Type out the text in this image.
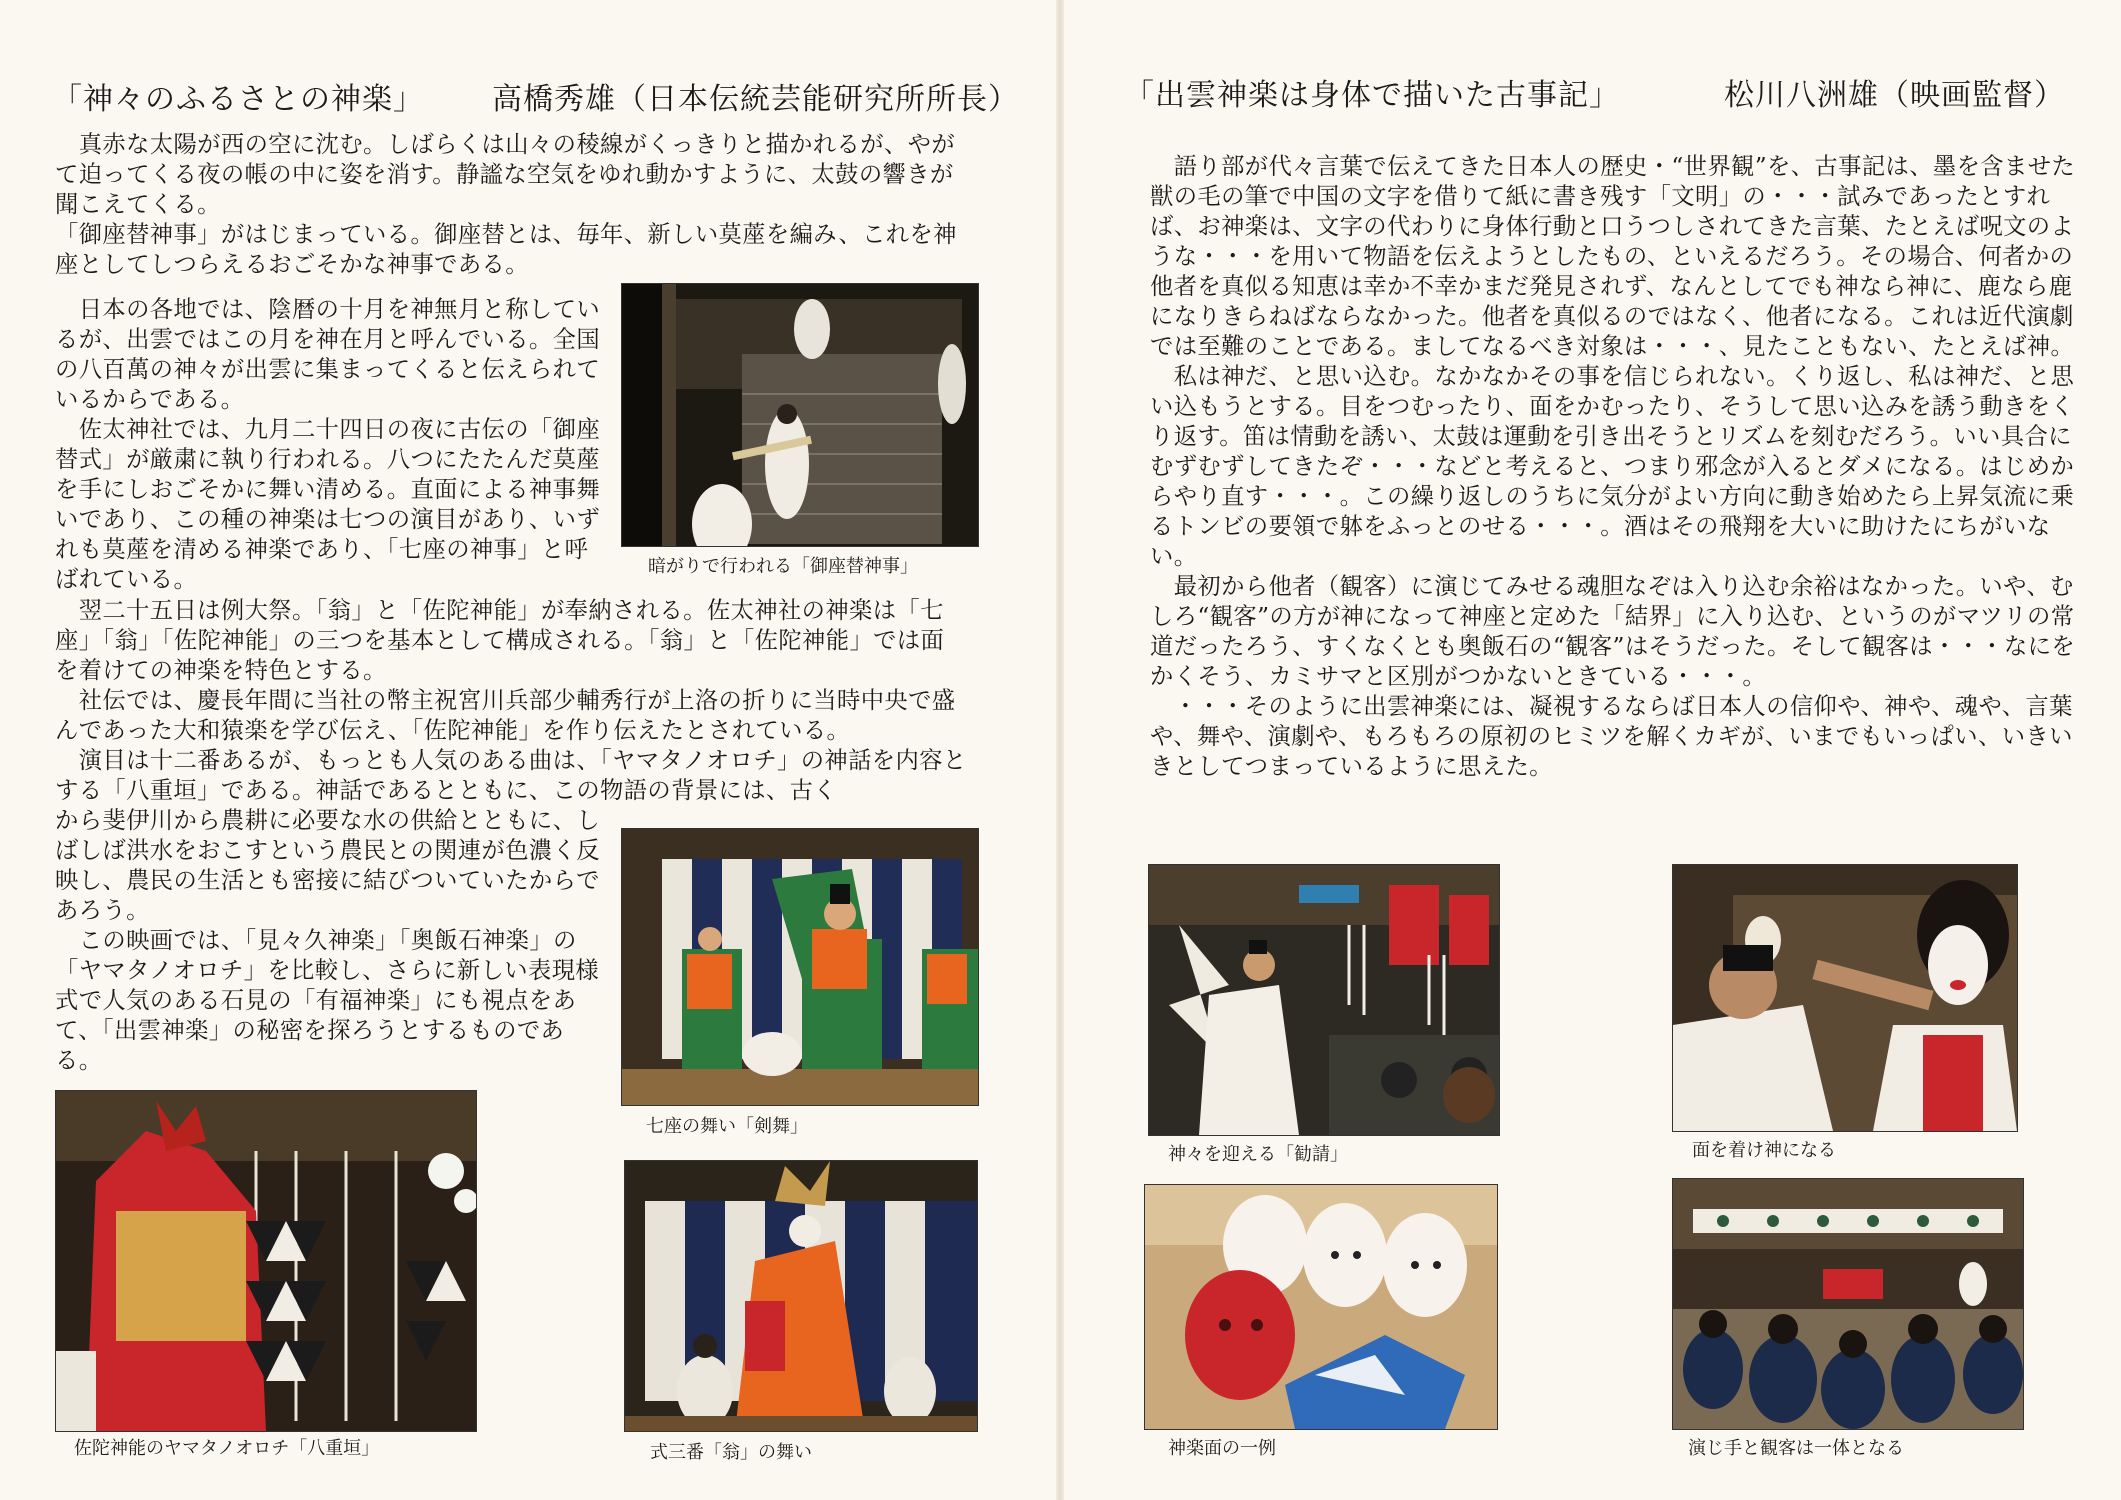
「神々のふるさとの神楽」 高橋秀雄（日本伝統芸能研究所所長）

　真赤な太陽が西の空に沈む。しばらくは山々の稜線がくっきりと描かれるが、やがて迫ってくる夜の帳の中に姿を消す。静謐な空気をゆれ動かすように、太鼓の響きが聞こえてくる。

「御座替神事」がはじまっている。御座替とは、毎年、新しい莫蓙を編み、これを神座としてしつらえるおごそかな神事である。

　日本の各地では、陰暦の十月を神無月と称しているが、出雲ではこの月を神在月と呼んでいる。全国の八百萬の神々が出雲に集まってくると伝えられているからである。

　佐太神社では、九月二十四日の夜に古伝の「御座替式」が厳粛に執り行われる。八つにたたんだ莫蓙を手にしおごそかに舞い清める。直面による神事舞いであり、この種の神楽は七つの演目があり、いずれも莫蓙を清める神楽であり、「七座の神事」と呼ばれている。	暗がりで行われる「御座替神事」

　翌二十五日は例大祭。「翁」と「佐陀神能」が奉納される。佐太神社の神楽は「七座」「翁」「佐陀神能」の三つを基本として構成される。「翁」と「佐陀神能」では面を着けての神楽を特色とする。

　社伝では、慶長年間に当社の幣主祝宮川兵部少輔秀行が上洛の折りに当時中央で盛んであった大和猿楽を学び伝え、「佐陀神能」を作り伝えたとされている。

　演目は十二番あるが、もっとも人気のある曲は、「ヤマタノオロチ」の神話を内容とする「八重垣」である。神話であるとともに、この物語の背景には、古く

から斐伊川から農耕に必要な水の供給とともに、しばしば洪水をおこすという農民との関連が色濃く反映し、農民の生活とも密接に結びついていたからであろう。

　この映画では、「見々久神楽」「奥飯石神楽」の「ヤマタノオロチ」を比較し、さらに新しい表現様式で人気のある石見の「有福神楽」にも視点をあて、「出雲神楽」の秘密を探ろうとするものである。

七座の舞い「剣舞」
佐陀神能のヤマタノオロチ「八重垣」	式三番「翁」の舞い
「出雲神楽は身体で描いた古事記」	松川八洲雄（映画監督）

　語り部が代々言葉で伝えてきた日本人の歴史・“世界観”を、古事記は、墨を含ませた獣の毛の筆で中国の文字を借りて紙に書き残す「文明」の・・・試みであったとすれば、お神楽は、文字の代わりに身体行動と口うつしされてきた言葉、たとえば呪文のような・・・を用いて物語を伝えようとしたもの、といえるだろう。その場合、何者かの他者を真似る知恵は幸か不幸かまだ発見されず、なんとしてでも神なら神に、鹿なら鹿になりきらねばならなかった。他者を真似るのではなく、他者になる。これは近代演劇では至難のことである。ましてなるべき対象は・・・、見たこともない、たとえば神。

　私は神だ、と思い込む。なかなかその事を信じられない。くり返し、私は神だ、と思い込もうとする。目をつむったり、面をかむったり、そうして思い込みを誘う動きをくり返す。笛は情動を誘い、太鼓は運動を引き出そうとリズムを刻むだろう。いい具合にむずむずしてきたぞ・・・などと考えると、つまり邪念が入るとダメになる。はじめからやり直す・・・。この繰り返しのうちに気分がよい方向に動き始めたら上昇気流に乗るトンビの要領で躰をふっとのせる・・・。酒はその飛翔を大いに助けたにちがいない。

　最初から他者（観客）に演じてみせる魂胆なぞは入り込む余裕はなかった。いや、むしろ“観客”の方が神になって神座と定めた「結界」に入り込む、というのがマツリの常道だったろう、すくなくとも奥飯石の“観客”はそうだった。そして観客は・・・なにをかくそう、カミサマと区別がつかないときている・・・。

　・・・そのように出雲神楽には、凝視するならば日本人の信仰や、神や、魂や、言葉や、舞や、演劇や、もろもろの原初のヒミツを解くカギが、いまでもいっぱい、いきいきとしてつまっているように思えた。

神々を迎える「勧請」	面を着け神になる
神楽面の一例	演じ手と観客は一体となる
